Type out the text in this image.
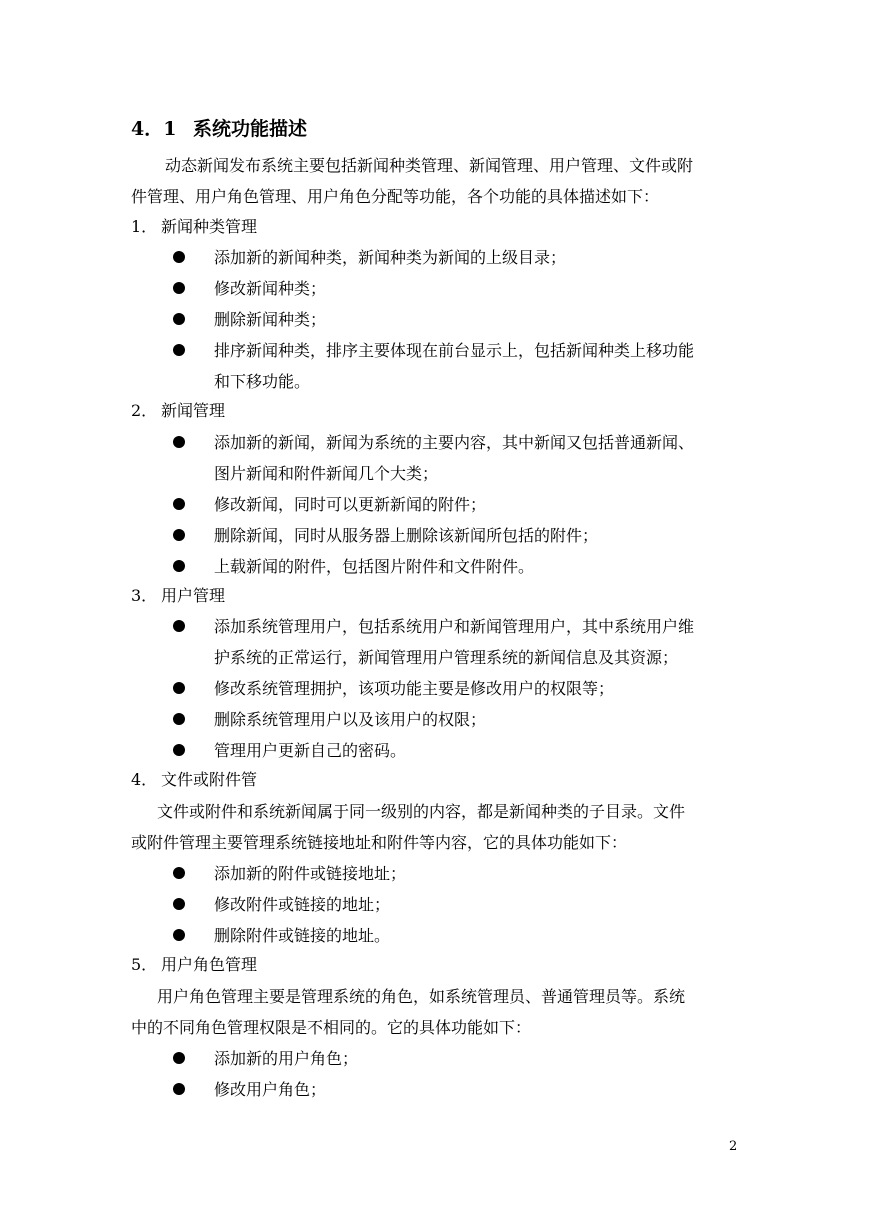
4．1 系统功能描述
动态新闻发布系统主要包括新闻种类管理、新闻管理、用户管理、文件或附
件管理、用户角色管理、用户角色分配等功能，各个功能的具体描述如下：
1． 新闻种类管理
添加新的新闻种类，新闻种类为新闻的上级目录；
修改新闻种类；
删除新闻种类；
排序新闻种类，排序主要体现在前台显示上，包括新闻种类上移功能
和下移功能。
2． 新闻管理
添加新的新闻，新闻为系统的主要内容，其中新闻又包括普通新闻、
图片新闻和附件新闻几个大类；
修改新闻，同时可以更新新闻的附件；
删除新闻，同时从服务器上删除该新闻所包括的附件；
上载新闻的附件，包括图片附件和文件附件。
3． 用户管理
添加系统管理用户，包括系统用户和新闻管理用户，其中系统用户维
护系统的正常运行，新闻管理用户管理系统的新闻信息及其资源；
修改系统管理拥护，该项功能主要是修改用户的权限等；
删除系统管理用户以及该用户的权限；
管理用户更新自己的密码。
4． 文件或附件管
文件或附件和系统新闻属于同一级别的内容，都是新闻种类的子目录。文件
或附件管理主要管理系统链接地址和附件等内容，它的具体功能如下：
添加新的附件或链接地址；
修改附件或链接的地址；
删除附件或链接的地址。
5． 用户角色管理
用户角色管理主要是管理系统的角色，如系统管理员、普通管理员等。系统
中的不同角色管理权限是不相同的。它的具体功能如下：
添加新的用户角色；
修改用户角色；
2
